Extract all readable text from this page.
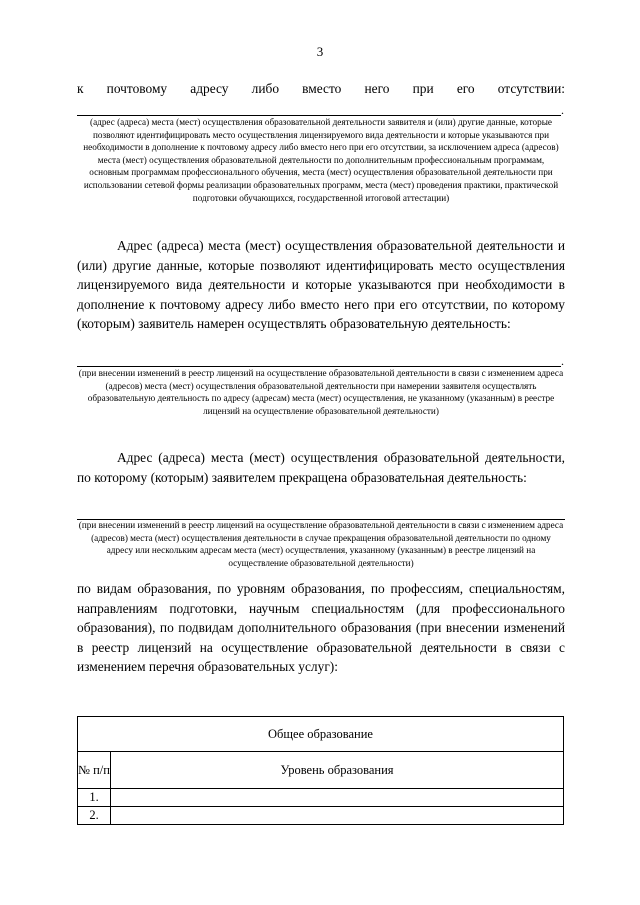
3
к почтовому адресу либо вместо него при его отсутствии:
.
(адрес (адреса) места (мест) осуществления образовательной деятельности заявителя и (или) другие данные, которые позволяют идентифицировать место осуществления лицензируемого вида деятельности и которые указываются при необходимости в дополнение к почтовому адресу либо вместо него при его отсутствии, за исключением адреса (адресов) места (мест) осуществления образовательной деятельности по дополнительным профессиональным программам, основным программам профессионального обучения, места (мест) осуществления образовательной деятельности при использовании сетевой формы реализации образовательных программ, места (мест) проведения практики, практической подготовки обучающихся, государственной итоговой аттестации)
Адрес (адреса) места (мест) осуществления образовательной деятельности и (или) другие данные, которые позволяют идентифицировать место осуществления лицензируемого вида деятельности и которые указываются при необходимости в дополнение к почтовому адресу либо вместо него при его отсутствии, по которому (которым) заявитель намерен осуществлять образовательную деятельность:
.
(при внесении изменений в реестр лицензий на осуществление образовательной деятельности в связи с изменением адреса (адресов) места (мест) осуществления образовательной деятельности при намерении заявителя осуществлять образовательную деятельность по адресу (адресам) места (мест) осуществления, не указанному (указанным) в реестре лицензий на осуществление образовательной деятельности)
Адрес (адреса) места (мест) осуществления образовательной деятельности, по которому (которым) заявителем прекращена образовательная деятельность:
(при внесении изменений в реестр лицензий на осуществление образовательной деятельности в связи с изменением адреса (адресов) места (мест) осуществления деятельности в случае прекращения образовательной деятельности по одному адресу или нескольким адресам места (мест) осуществления, указанному (указанным) в реестре лицензий на осуществление образовательной деятельности)
по видам образования, по уровням образования, по профессиям, специальностям, направлениям подготовки, научным специальностям (для профессионального образования), по подвидам дополнительного образования (при внесении изменений в реестр лицензий на осуществление образовательной деятельности в связи с изменением перечня образовательных услуг):
Общее образование	
№ п/п	Уровень образования
1.	
2.	
